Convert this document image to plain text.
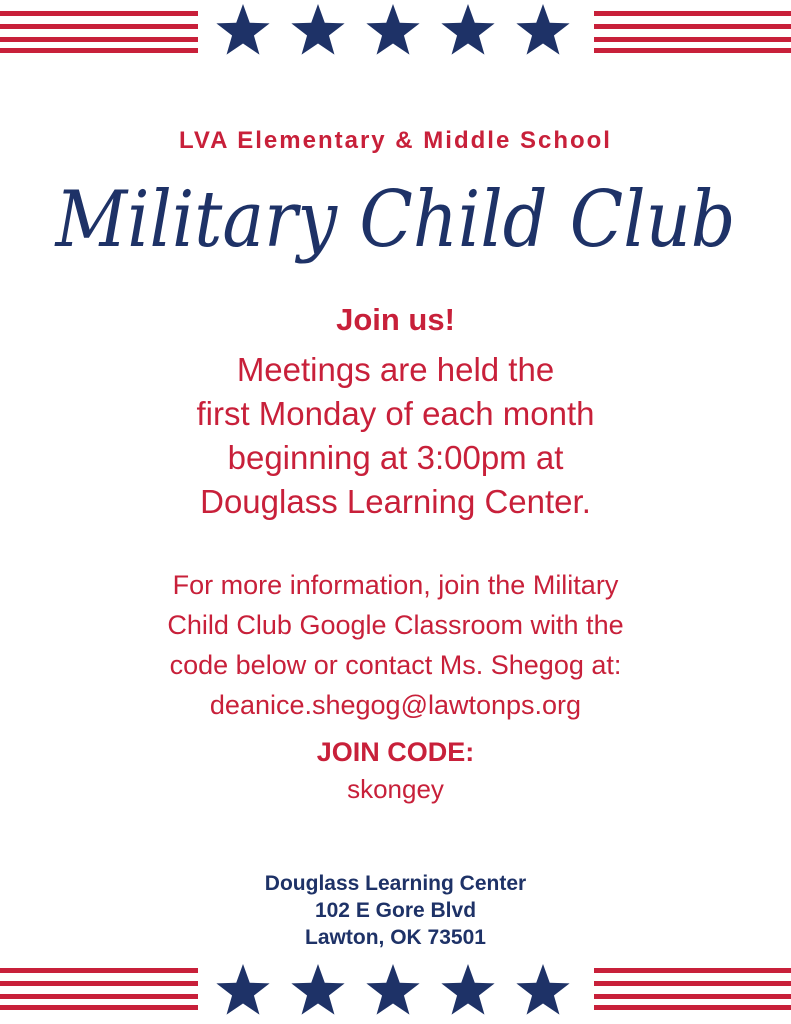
LVA Elementary & Middle School
Military Child Club
Join us!
Meetings are held the
first Monday of each month
beginning at 3:00pm at
Douglass Learning Center.
For more information, join the Military
Child Club Google Classroom with the
code below or contact Ms. Shegog at:
deanice.shegog@lawtonps.org
JOIN CODE:
skongey
Douglass Learning Center
102 E Gore Blvd
Lawton, OK 73501
